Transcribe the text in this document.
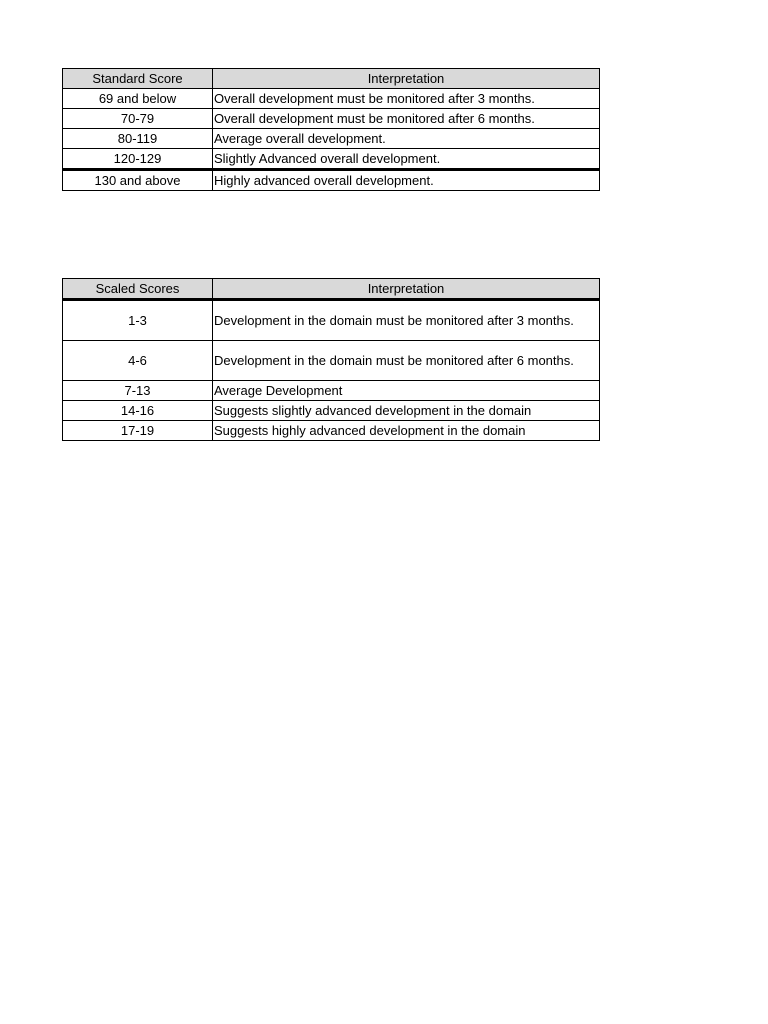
Standard Score	Interpretation
69 and below	Overall development must be monitored after 3 months.
70-79	Overall development must be monitored after 6 months.
80-119	Average overall development.
120-129	Slightly Advanced overall development.
130 and above	Highly advanced overall development.
Scaled Scores	Interpretation
1-3	Development in the domain must be monitored after 3 months.
4-6	Development in the domain must be monitored after 6 months.
7-13	Average Development
14-16	Suggests slightly advanced development in the domain
17-19	Suggests highly advanced development in the domain
